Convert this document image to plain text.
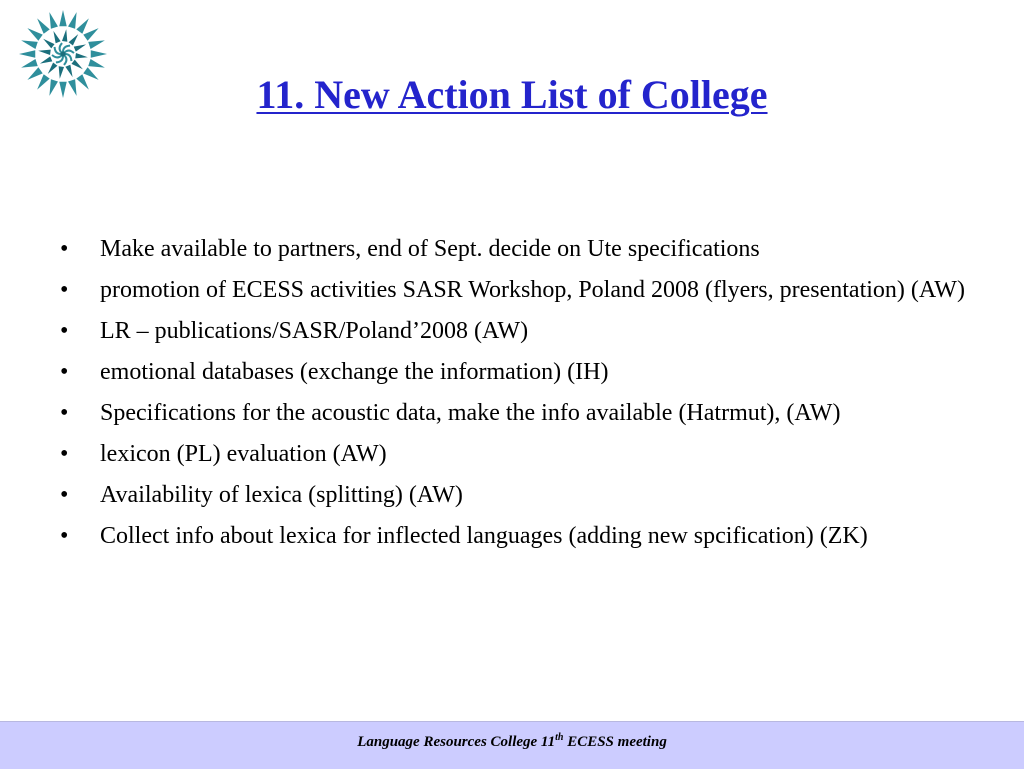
11. New Action List of College
• Make available to partners, end of Sept. decide on Ute specifications
• promotion of ECESS activities SASR Workshop, Poland 2008 (flyers, presentation) (AW)
• LR – publications/SASR/Poland’2008 (AW)
• emotional databases (exchange the information) (IH)
• Specifications for the acoustic data, make the info available (Hatrmut), (AW)
• lexicon (PL) evaluation (AW)
• Availability of lexica (splitting) (AW)
• Collect info about lexica for inflected languages (adding new spcification) (ZK)
Language Resources College 11th ECESS meeting
